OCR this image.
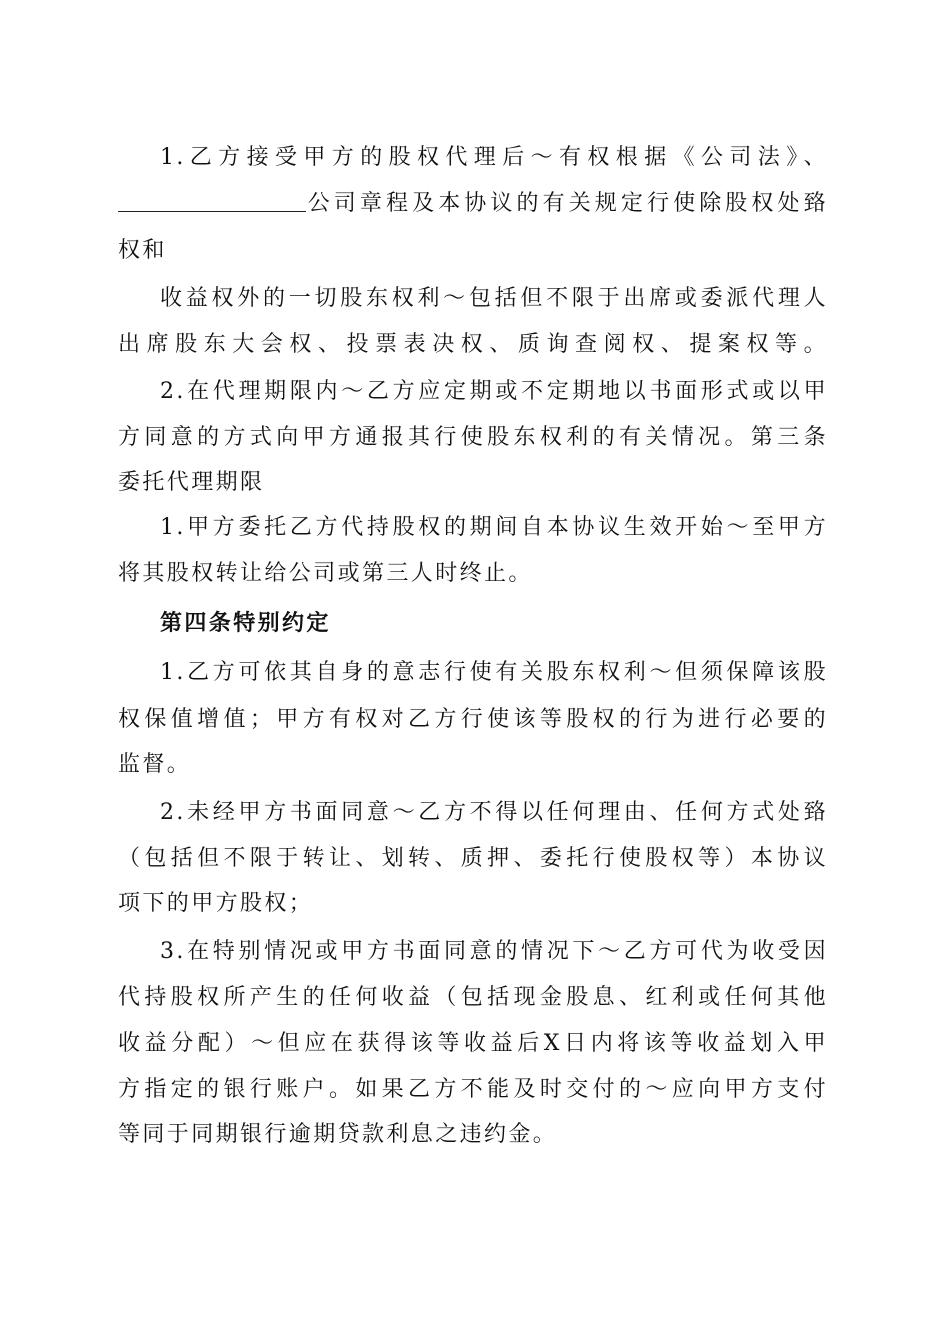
1.乙方接受甲方的股权代理后～有权根据《公司法》、
公司章程及本协议的有关规定行使除股权处臵
权和
收益权外的一切股东权利～包括但不限于出席或委派代理人
出席股东大会权、投票表决权、质询查阅权、提案权等。
2.在代理期限内～乙方应定期或不定期地以书面形式或以甲
方同意的方式向甲方通报其行使股东权利的有关情况。第三条
委托代理期限
1.甲方委托乙方代持股权的期间自本协议生效开始～至甲方
将其股权转让给公司或第三人时终止。
第四条特别约定
1.乙方可依其自身的意志行使有关股东权利～但须保障该股
权保值增值；甲方有权对乙方行使该等股权的行为进行必要的
监督。
2.未经甲方书面同意～乙方不得以任何理由、任何方式处臵
（包括但不限于转让、划转、质押、委托行使股权等）本协议
项下的甲方股权；
3.在特别情况或甲方书面同意的情况下～乙方可代为收受因
代持股权所产生的任何收益（包括现金股息、红利或任何其他
收益分配）～但应在获得该等收益后X日内将该等收益划入甲
方指定的银行账户。如果乙方不能及时交付的～应向甲方支付
等同于同期银行逾期贷款利息之违约金。
